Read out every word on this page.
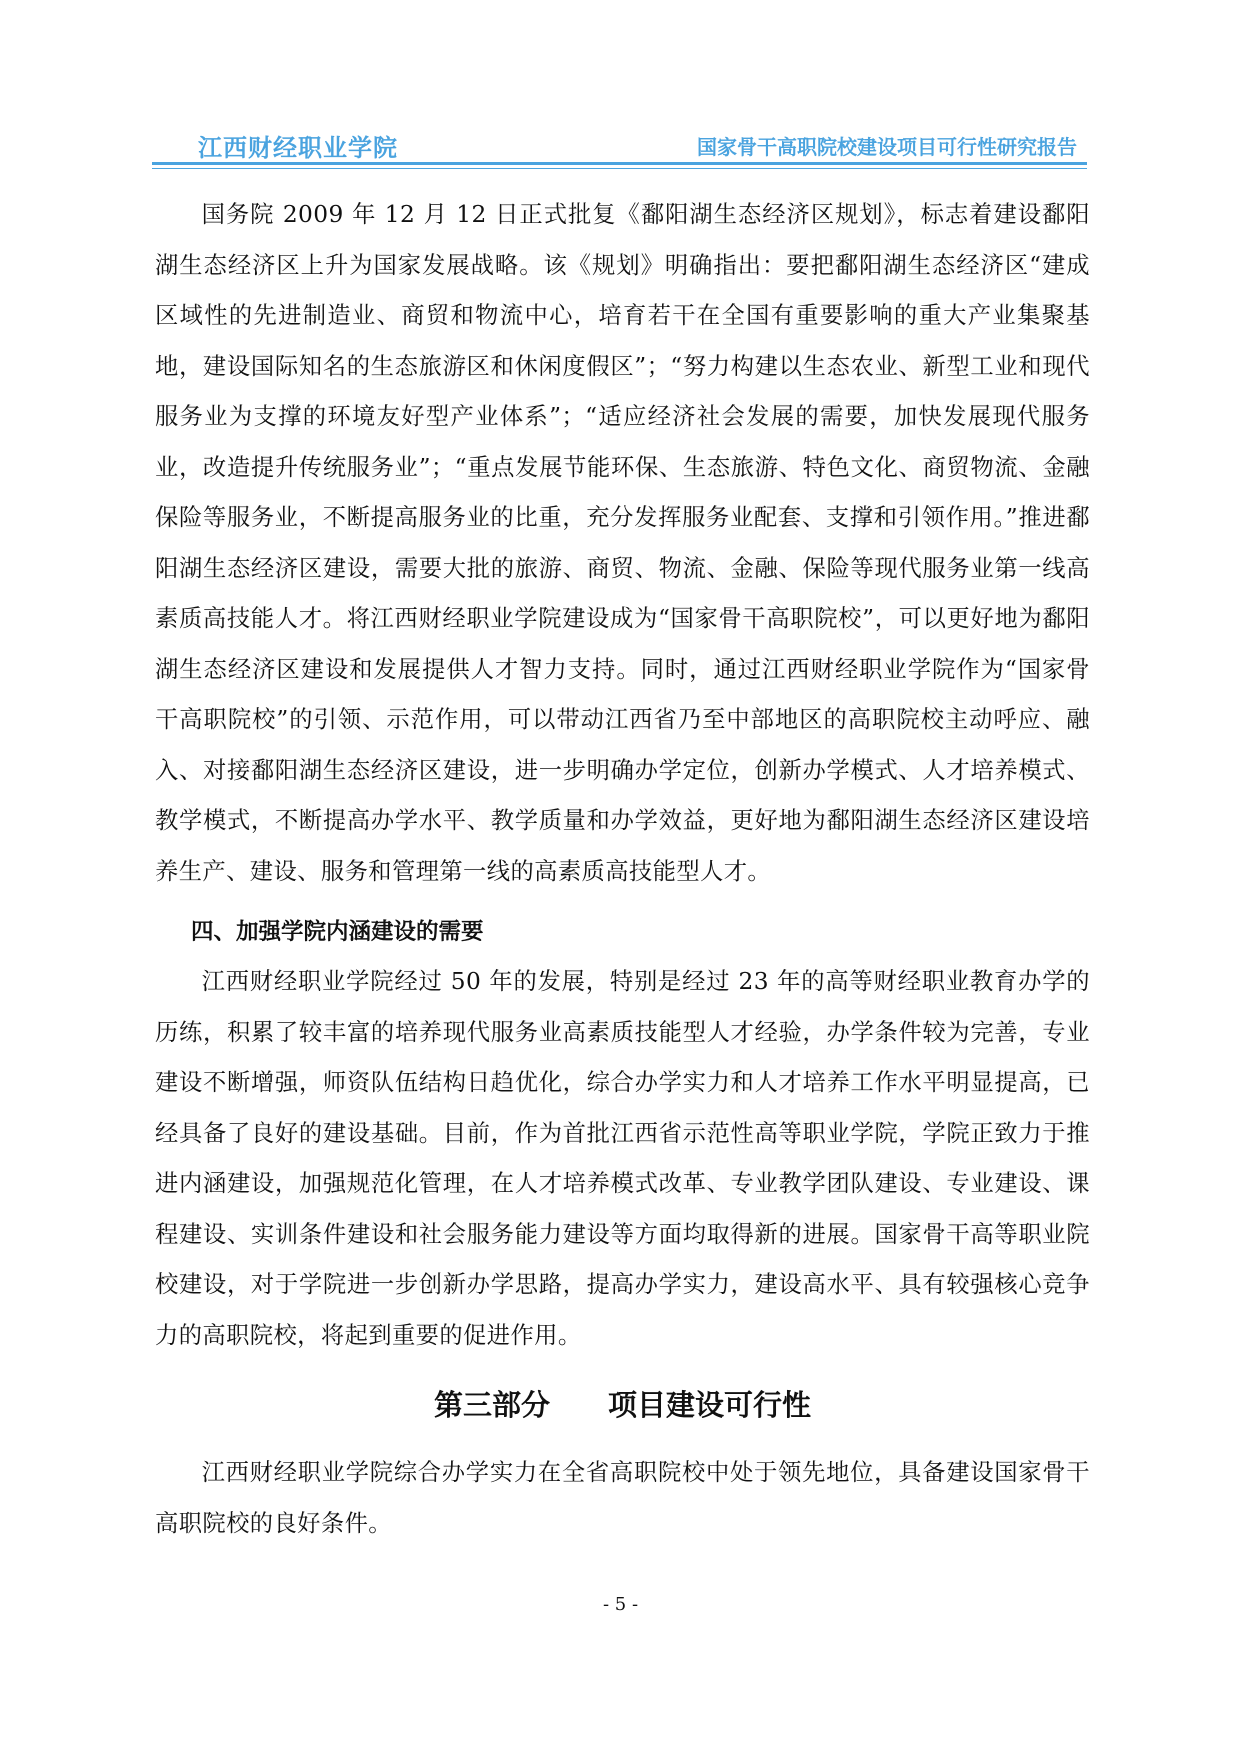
江西财经职业学院	国家骨干高职院校建设项目可行性研究报告

国务院 2009 年 12 月 12 日正式批复《鄱阳湖生态经济区规划》，标志着建设鄱阳湖生态经济区上升为国家发展战略。该《规划》明确指出：要把鄱阳湖生态经济区“建成区域性的先进制造业、商贸和物流中心，培育若干在全国有重要影响的重大产业集聚基地，建设国际知名的生态旅游区和休闲度假区”；“努力构建以生态农业、新型工业和现代服务业为支撑的环境友好型产业体系”；“适应经济社会发展的需要，加快发展现代服务业，改造提升传统服务业”；“重点发展节能环保、生态旅游、特色文化、商贸物流、金融保险等服务业，不断提高服务业的比重，充分发挥服务业配套、支撑和引领作用。”推进鄱阳湖生态经济区建设，需要大批的旅游、商贸、物流、金融、保险等现代服务业第一线高素质高技能人才。将江西财经职业学院建设成为“国家骨干高职院校”，可以更好地为鄱阳湖生态经济区建设和发展提供人才智力支持。同时，通过江西财经职业学院作为“国家骨干高职院校”的引领、示范作用，可以带动江西省乃至中部地区的高职院校主动呼应、融入、对接鄱阳湖生态经济区建设，进一步明确办学定位，创新办学模式、人才培养模式、教学模式，不断提高办学水平、教学质量和办学效益，更好地为鄱阳湖生态经济区建设培养生产、建设、服务和管理第一线的高素质高技能型人才。

四、加强学院内涵建设的需要

江西财经职业学院经过 50 年的发展，特别是经过 23 年的高等财经职业教育办学的历练，积累了较丰富的培养现代服务业高素质技能型人才经验，办学条件较为完善，专业建设不断增强，师资队伍结构日趋优化，综合办学实力和人才培养工作水平明显提高，已经具备了良好的建设基础。目前，作为首批江西省示范性高等职业学院，学院正致力于推进内涵建设，加强规范化管理，在人才培养模式改革、专业教学团队建设、专业建设、课程建设、实训条件建设和社会服务能力建设等方面均取得新的进展。国家骨干高等职业院校建设，对于学院进一步创新办学思路，提高办学实力，建设高水平、具有较强核心竞争力的高职院校，将起到重要的促进作用。

第三部分　　项目建设可行性

江西财经职业学院综合办学实力在全省高职院校中处于领先地位，具备建设国家骨干高职院校的良好条件。

- 5 -
